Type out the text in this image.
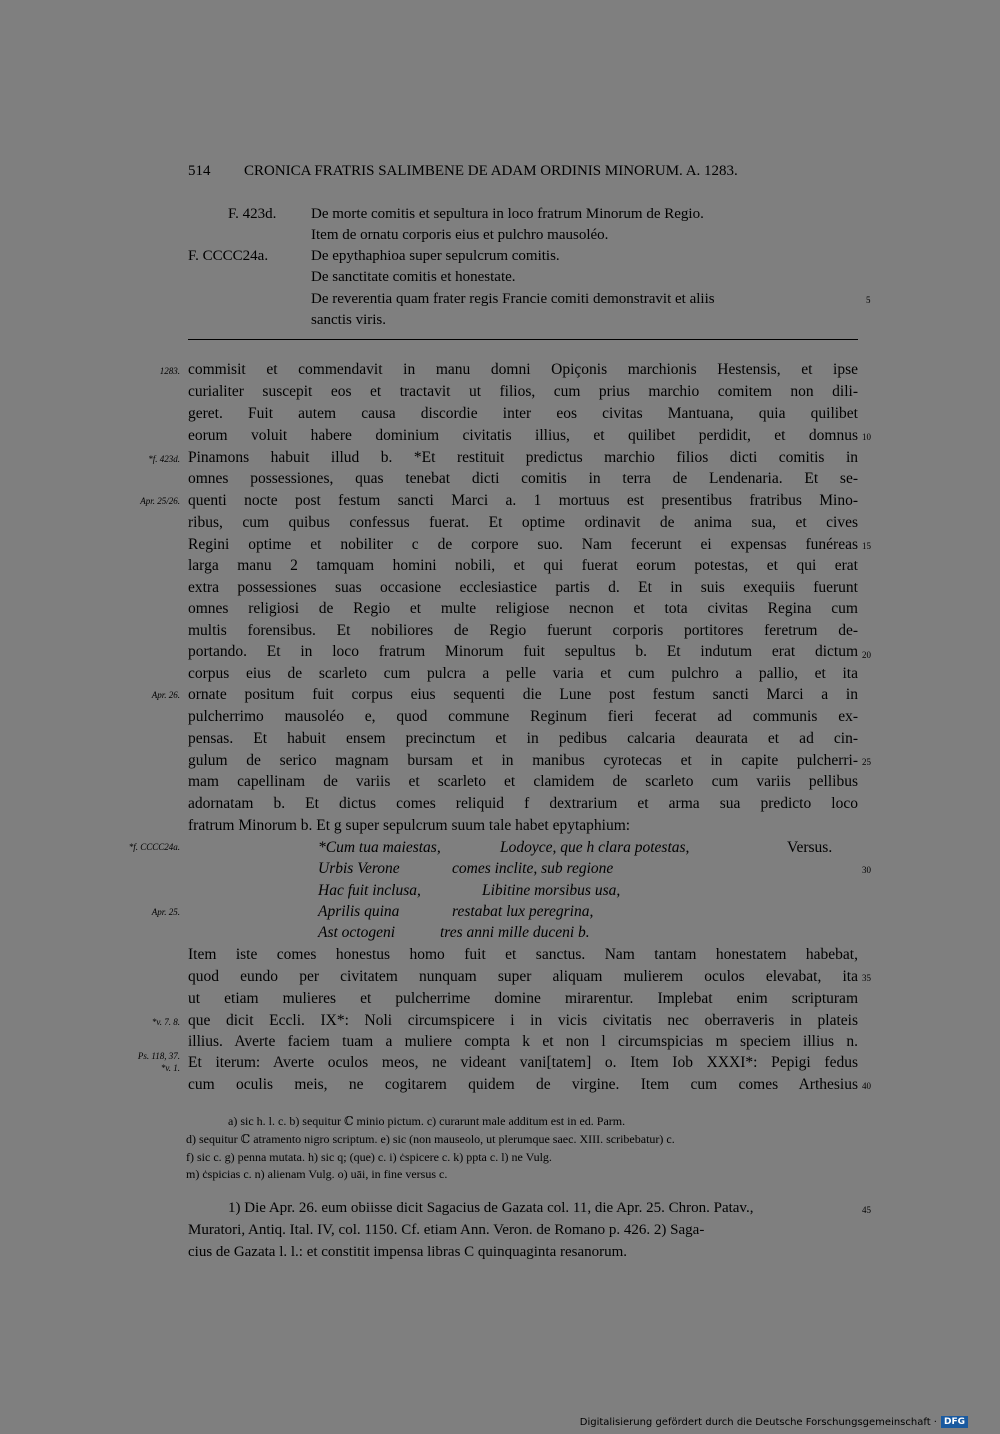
514	CRONICA FRATRIS SALIMBENE DE ADAM ORDINIS MINORUM. A. 1283.
F. 423d. De morte comitis et sepultura in loco fratrum Minorum de Regio.
Item de ornatu corporis eius et pulchro mausoléo.
F. CCCC24a.	De epythaphioa super sepulcrum comitis.
De sanctitate comitis et honestate.
De reverentia quam frater regis Francie comiti demonstravit et aliis	5
sanctis viris.
1283.
*f. 423d.
Apr. 25/26.
Apr. 26.
*f. CCCC24a.
Apr. 25.
*v. 7. 8.
Ps. 118, 37.
*v. 1.
commisit et commendavit in manu domni Opiçonis marchionis Hestensis, et ipse
curialiter suscepit eos et tractavit ut filios, cum prius marchio comitem non dili-
geret. Fuit autem causa discordie inter eos civitas Mantuana, quia quilibet
eorum voluit habere dominium civitatis illius, et quilibet perdidit, et domnus 10
Pinamons habuit illud b. *Et restituit predictus marchio filios dicti comitis in
omnes possessiones, quas tenebat dicti comitis in terra de Lendenaria. Et se-
quenti nocte post festum sancti Marci a. 1 mortuus est presentibus fratribus Mino-
ribus, cum quibus confessus fuerat. Et optime ordinavit de anima sua, et cives
Regini optime et nobiliter c de corpore suo. Nam fecerunt ei expensas funéreas 15
larga manu 2 tamquam homini nobili, et qui fuerat eorum potestas, et qui erat
extra possessiones suas occasione ecclesiastice partis d. Et in suis exequiis fuerunt
omnes religiosi de Regio et multe religiose necnon et tota civitas Regina cum
multis forensibus. Et nobiliores de Regio fuerunt corporis portitores feretrum de-
portando. Et in loco fratrum Minorum fuit sepultus b. Et indutum erat dictum
corpus eius de scarleto cum pulcra a pelle varia et cum pulchro a pallio, et ita
20
ornate positum fuit corpus eius sequenti die Lune post festum sancti Marci a in
pulcherrimo mausoléo e, quod commune Reginum fieri fecerat ad communis ex-
pensas. Et habuit ensem precinctum et in pedibus calcaria deaurata et ad cin-
gulum de serico magnam bursam et in manibus cyrotecas et in capite pulcherri- 25
mam capellinam de variis et scarleto et clamidem de scarleto cum variis pellibus
adornatam b. Et dictus comes reliquid f dextrarium et arma sua predicto loco
fratrum Minorum b. Et g super sepulcrum suum tale habet epytaphium:
*Cum tua maiestas,	Lodoyce, que h clara potestas,	Versus.
Urbis Verone	comes inclite, sub regione	30
Hac fuit inclusa,	Libitine morsibus usa,
Aprilis quina	restabat lux peregrina,
Ast octogeni	tres anni mille duceni b.
Item iste comes honestus homo fuit et sanctus. Nam tantam honestatem habebat,
quod eundo per civitatem nunquam super aliquam mulierem oculos elevabat, ita 35
ut etiam mulieres et pulcherrime domine mirarentur. Implebat enim scripturam
que dicit Eccli. IX*: Noli circumspicere i in vicis civitatis nec oberraveris in plateis
illius. Averte faciem tuam a muliere compta k et non l circumspicias m speciem illius n.
Et iterum: Averte oculos meos, ne videant vani[tatem] o. Item Iob XXXI*: Pepigi fedus
cum oculis meis, ne cogitarem quidem de virgine. Item cum comes Arthesius 40
a) sic h. l. c. b) sequitur ℂ minio pictum. c) curarunt male additum est in ed. Parm.
d) sequitur ℂ atramento nigro scriptum. e) sic (non mauseolo, ut plerumque saec. XIII. scribebatur) c.
f) sic c. g) penna mutata. h) sic q; (que) c. i) ċspicere c. k) ppta c. l) ne Vulg.
m) ċspicias c. n) alienam Vulg. o) uāi, in fine versus c.
1) Die Apr. 26. eum obiisse dicit Sagacius de Gazata col. 11, die Apr. 25. Chron. Patav.,	45
Muratori, Antiq. Ital. IV, col. 1150. Cf. etiam Ann. Veron. de Romano p. 426. 2) Saga-
cius de Gazata l. l.: et constitit impensa libras C quinquaginta resanorum.
Digitalisierung gefördert durch die Deutsche Forschungsgemeinschaft · DFG
